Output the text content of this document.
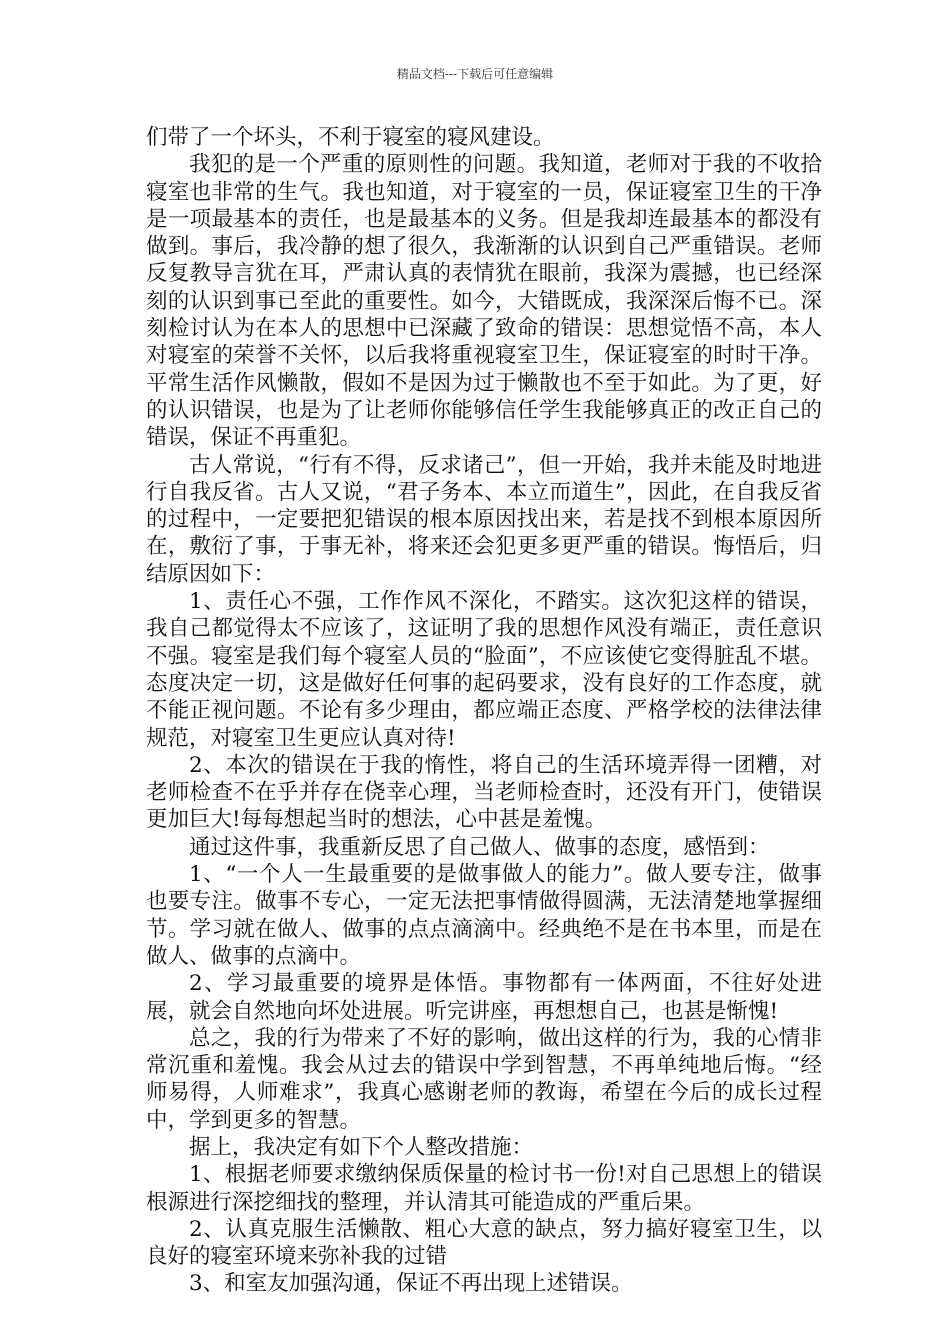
精品文档---下载后可任意编辑

们带了一个坏头，不利于寝室的寝风建设。

我犯的是一个严重的原则性的问题。我知道，老师对于我的不收拾寝室也非常的生气。我也知道，对于寝室的一员，保证寝室卫生的干净是一项最基本的责任，也是最基本的义务。但是我却连最基本的都没有做到。事后，我冷静的想了很久，我渐渐的认识到自己严重错误。老师反复教导言犹在耳，严肃认真的表情犹在眼前，我深为震撼，也已经深刻的认识到事已至此的重要性。如今，大错既成，我深深后悔不已。深刻检讨认为在本人的思想中已深藏了致命的错误：思想觉悟不高，本人对寝室的荣誉不关怀，以后我将重视寝室卫生，保证寝室的时时干净。平常生活作风懒散，假如不是因为过于懒散也不至于如此。为了更，好的认识错误，也是为了让老师你能够信任学生我能够真正的改正自己的错误，保证不再重犯。

古人常说，“行有不得，反求诸己”，但一开始，我并未能及时地进行自我反省。古人又说，“君子务本、本立而道生”，因此，在自我反省的过程中，一定要把犯错误的根本原因找出来，若是找不到根本原因所在，敷衍了事，于事无补，将来还会犯更多更严重的错误。悔悟后，归结原因如下：

1、责任心不强，工作作风不深化，不踏实。这次犯这样的错误，我自己都觉得太不应该了，这证明了我的思想作风没有端正，责任意识不强。寝室是我们每个寝室人员的“脸面”，不应该使它变得脏乱不堪。态度决定一切，这是做好任何事的起码要求，没有良好的工作态度，就不能正视问题。不论有多少理由，都应端正态度、严格学校的法律法律规范，对寝室卫生更应认真对待!

2、本次的错误在于我的惰性，将自己的生活环境弄得一团糟，对老师检查不在乎并存在侥幸心理，当老师检查时，还没有开门，使错误更加巨大!每每想起当时的想法，心中甚是羞愧。

通过这件事，我重新反思了自己做人、做事的态度，感悟到：

1、“一个人一生最重要的是做事做人的能力”。做人要专注，做事也要专注。做事不专心，一定无法把事情做得圆满，无法清楚地掌握细节。学习就在做人、做事的点点滴滴中。经典绝不是在书本里，而是在做人、做事的点滴中。

2、学习最重要的境界是体悟。事物都有一体两面，不往好处进展，就会自然地向坏处进展。听完讲座，再想想自己，也甚是惭愧!

总之，我的行为带来了不好的影响，做出这样的行为，我的心情非常沉重和羞愧。我会从过去的错误中学到智慧，不再单纯地后悔。“经师易得，人师难求”，我真心感谢老师的教诲，希望在今后的成长过程中，学到更多的智慧。

据上，我决定有如下个人整改措施：

1、根据老师要求缴纳保质保量的检讨书一份!对自己思想上的错误根源进行深挖细找的整理，并认清其可能造成的严重后果。

2、认真克服生活懒散、粗心大意的缺点，努力搞好寝室卫生，以良好的寝室环境来弥补我的过错

3、和室友加强沟通，保证不再出现上述错误。
